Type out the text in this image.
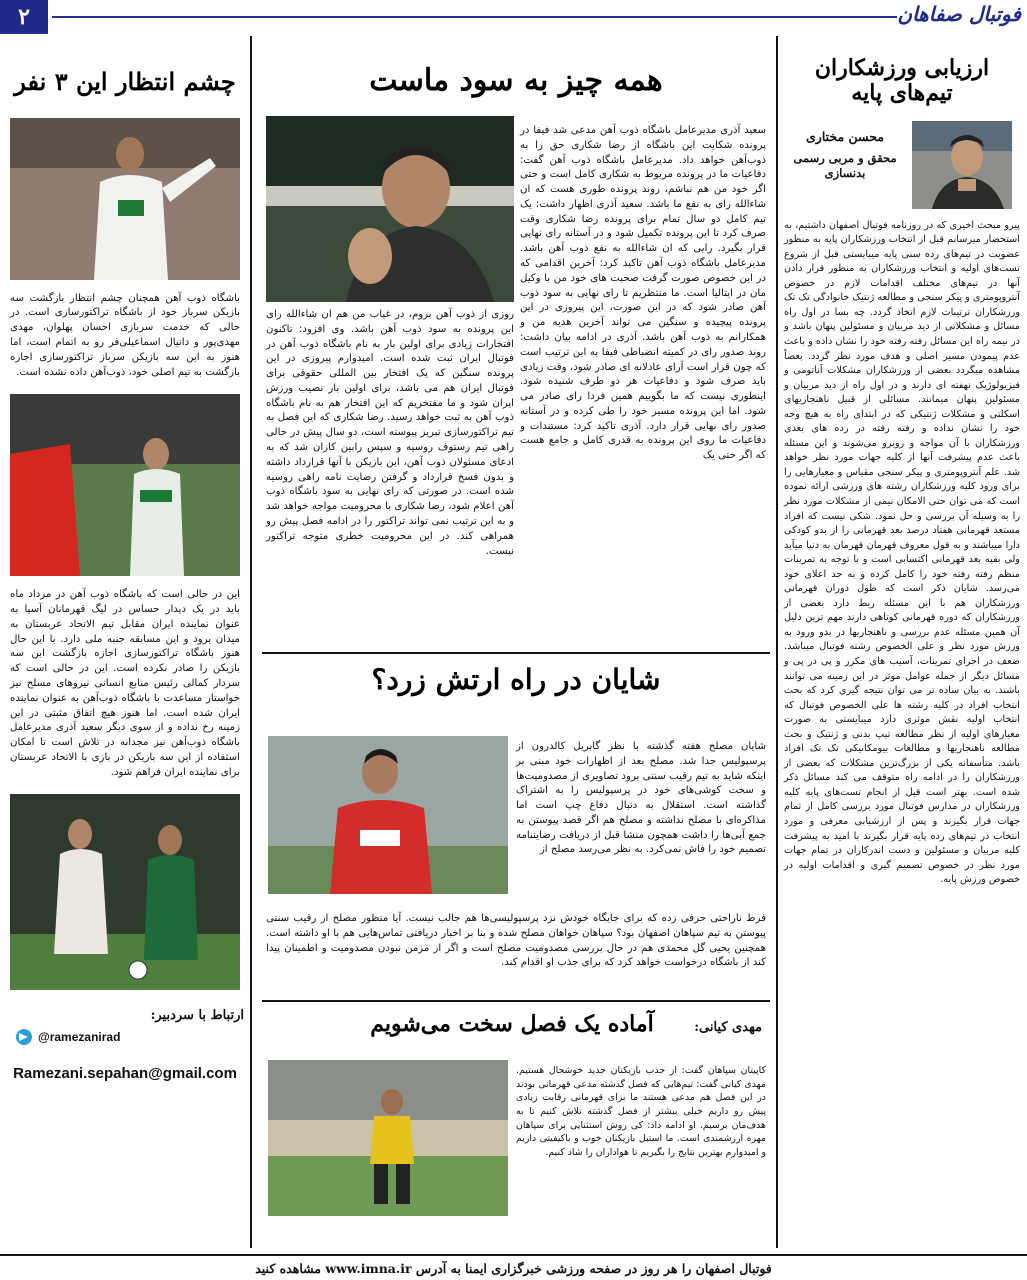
۲	فوتبال صفاهان
ارزیابی ورزشکاران تیم‌های پایه
محسن مختاری
محقق و مربی رسمی بدنسازی
پیرو مبحث اخیری که در روزنامه فوتبال اصفهان داشتیم، به استحضار میرسانم قبل از انتخاب ورزشکاران پایه به منظور عضویت در تیم‌های رده سنی پایه میبایستی قبل از شروع تست‌های اولیه و انتخاب ورزشکاران به منظور قرار دادن آنها در تیم‌های مختلف اقدامات لازم در خصوص آنتروپومتری و پیکر سنجی و مطالعه ژنتیک خانوادگی تک تک ورزشکاران ترتیبات لازم اتخاذ گردد. چه بسا در اول راه مسائل و مشکلاتی از دید مربیان و مسئولین پنهان باشد و در نیمه راه این مسائل رفته رفته خود را نشان داده و باعث عدم پیمودن مسیر اصلی و هدف مورد نظر گردد. بعضاً مشاهده میگردد بعضی از ورزشکاران مشکلات آناتومی و فیزیولوژیک نهفته ای دارند و در اول راه از دید مربیان و مسئولین پنهان میمانند. مسائلی از قبیل ناهنجاریهای اسکلتی و مشکلات ژنتیکی که در ابتدای راه به هیچ وجه خود را نشان نداده و رفته رفته در رده های بعدی ورزشکاران با آن مواجه و روبرو می‌شوند و این مسئله باعث عدم پیشرفت آنها از کلیه جهات مورد نظر خواهد شد. علم آنتروپومتری و پیکر سنجی مقیاس و معیارهایی را برای ورود کلیه ورزشکاران رشته های ورزشی ارائه نموده است که می توان حتی الامکان نیمی از مشکلات مورد نظر را به وسیله آن بررسی و حل نمود. شکی نیست که افراد مستعد قهرمانی هفتاد درصد بعد قهرمانی را از بدو کودکی دارا میباشند و به قول معروف قهرمان قهرمان به دنیا میآید ولی بقیه بعد قهرمانی اکتسابی است و با توجه به تمرینات منظم رفته رفته خود را کامل کرده و به حد اعلای خود می‌رسد. شایان ذکر است که طول دوران قهرمانی ورزشکاران هم با این مسئله ربط دارد بعضی از ورزشکاران که دوره قهرمانی کوتاهی دارند مهم ترین دلیل آن همین مسئله عدم بررسی و ناهنجاریها در بدو ورود به ورزش مورد نظر و علی الخصوص رشته فوتبال میباشد. ضعف در اجرای تمرینات، آسیب های مکرر و پی در پی و مسائل دیگر از جمله عوامل موثر در این زمینه می توانند باشند. به بیان ساده تر می توان نتیجه گیری کرد که بحث انتخاب افراد در کلیه رشته ها علی الخصوص فوتبال که انتخاب اولیه نقش موثری دارد میبایستی به صورت معیارهای اولیه از نظر مطالعه تیپ بدنی و ژنتیک و بحث مطالعه ناهنجاریها و مطالعات بیومکانیکی تک تک افراد باشد. متأسفانه یکی از بزرگ‌ترین مشکلات که بعضی از ورزشکاران را در ادامه راه متوقف می کند مسائل ذکر شده است. بهتر است قبل از انجام تست‌های پایه کلیه ورزشکاران در مدارس فوتبال مورد بررسی کامل از تمام جهات قرار بگیرند و پس از ارزشیابی معرفی و مورد انتخاب در تیم‌های رده پایه قرار بگیرند با امید به پیشرفت کلیه مربیان و مسئولین و دست اندرکاران در تمام جهات مورد نظر در خصوص تصمیم گیری و اقدامات اولیه در خصوص ورزش پایه.
همه چیز به سود ماست
سعید آذری مدیرعامل باشگاه ذوب آهن مدعی شد فیفا در پرونده شکایت این باشگاه از رضا شکاری حق را به ذوب‌آهن خواهد داد. مدیرعامل باشگاه ذوب آهن گفت: دفاعیات ما در پرونده مربوط به شکاری کامل است و حتی اگر خود من هم نباشم، روند پرونده طوری هست که ان شاءالله رای به نفع ما باشد. سعید آذری اظهار داشت: یک تیم کامل دو سال تمام برای پرونده رضا شکاری وقت صرف کرد تا این پرونده تکمیل شود و در آستانه رای نهایی قرار بگیرد. رایی که ان شاءالله به نفع ذوب آهن باشد. مدیرعامل باشگاه ذوب آهن تاکید کرد: آخرین اقدامی که در این خصوص صورت گرفت صحبت های خود من با وکیل مان در ایتالیا است. ما منتظریم تا رای نهایی به سود ذوب آهن صادر شود که در این صورت، این پیروزی در این پرونده پیچیده و سنگین می تواند آخرین هدیه من و همکارانم به ذوب آهن باشد. آذری در ادامه بیان داشت: روند صدور رای در کمیته انضباطی فیفا به این ترتیب است که چون قرار است آرای عادلانه ای صادر شود، وقت زیادی باید صرف شود و دفاعیات هر دو طرف شنیده شود. اینطوری نیست که ما بگوییم همین فردا رای صادر می شود. اما این پرونده مسیر خود را طی کرده و در آستانه صدور رای نهایی قرار دارد. آذری تاکید کرد: مستندات و دفاعیات ما روی این پرونده به قدری کامل و جامع هست که اگر حتی یک
روزی از ذوب آهن بروم، در غیاب من هم ان شاءالله رای این پرونده به سود ذوب آهن باشد. وی افزود: تاکنون افتخارات زیادی برای اولین بار به نام باشگاه ذوب آهن در فوتبال ایران ثبت شده است. امیدوارم پیروزی در این پرونده سنگین که یک افتخار بین المللی حقوقی برای فوتبال ایران هم می باشد، برای اولین بار نصیب ورزش ایران شود و ما مفتخریم که این افتخار هم به نام باشگاه ذوب آهن به ثبت خواهد رسید. رضا شکاری که این فصل به تیم تراکتورسازی تبریز پیوسته است، دو سال پیش در حالی راهی تیم رستوف روسیه و سپس رابین کازان شد که به ادعای مسئولان ذوب آهن، این بازیکن با آنها قرارداد داشته و بدون فسخ قرارداد و گرفتن رضایت نامه راهی روسیه شده است. در صورتی که رای نهایی به سود باشگاه ذوب آهن اعلام شود، رضا شکاری با محرومیت مواجه خواهد شد و به این ترتیب نمی تواند تراکتور را در ادامه فصل پیش رو همراهی کند. در این محرومیت خطری متوجه تراکتور نیست.
شایان در راه ارتش زرد؟
شایان مصلح هفته گذشته با نظر گابریل کالدرون از پرسپولیس جدا شد. مصلح بعد از اظهارات خود مبنی بر اینکه شاید به تیم رقیب سنتی برود تصاویری از مصدومیت‌ها و سخت کوشی‌های خود در پرسپولیس را به اشتراک گذاشته است. استقلال به دنبال دفاع چپ است اما مذاکره‌ای با مصلح نداشته و مصلح هم اگر قصد پیوستن به جمع آبی‌ها را داشت همچون منشا قبل از دریافت رضایتنامه تصمیم خود را فاش نمی‌کرد. به نظر می‌رسد مصلح از
فرط ناراحتی حرفی زده که برای جایگاه خودش نزد پرسپولیسی‌ها هم جالب نیست. آیا منظور مصلح از رقیب سنتی پیوستن به تیم سپاهان اصفهان بود؟ سپاهان خواهان مصلح شده و بنا بر اخبار دریافتی تماس‌هایی هم با او داشته است. همچنین یحیی گل محمدی هم در حال بررسی مصدومیت مصلح است و اگر از مزمن نبودن مصدومیت و اطمینان پیدا کند از باشگاه درخواست خواهد کرد که برای جذب او اقدام کند.
مهدی کیانی:
آماده یک فصل سخت می‌شویم
کاپیتان سپاهان گفت: از جذب بازیکنان جدید خوشحال هستیم. مهدی کیانی گفت: تیم‌هایی که فصل گذشته مدعی قهرمانی بودند در این فصل هم مدعی هستند ما برای قهرمانی رقابت زیادی پیش رو داریم خیلی بیشتر از فصل گذشته تلاش کنیم تا به هدف‌مان برسیم. او ادامه داد: کی روش استثنایی برای سپاهان مهره ارزشمندی است. ما استیل بازیکنان خوب و باکیفیتی داریم و امیدوارم بهترین نتایج را بگیریم تا هواداران را شاد کنیم.
چشم انتظار این ۳ نفر
باشگاه ذوب آهن همچنان چشم انتظار بازگشت سه بازیکن سرباز خود از باشگاه تراکتورسازی است. در حالی که خدمت سربازی احسان پهلوان، مهدی مهدی‌پور و دانیال اسماعیلی‌فر رو به اتمام است، اما هنوز به این سه بازیکن سرباز تراکتورسازی اجازه بازگشت به تیم اصلی خود، ذوب‌آهن داده نشده است.
این در حالی است که باشگاه ذوب آهن در مرداد ماه باید در یک دیدار حساس در لیگ قهرمانان آسیا به عنوان نماینده ایران مقابل تیم الاتحاد عربستان به میدان برود و این مسابقه جنبه ملی دارد. با این حال هنوز باشگاه تراکتورسازی اجازه بازگشت این سه بازیکن را صادر نکرده است. این در حالی است که سردار کمالی رئیس منابع انسانی نیروهای مسلح نیز خواستار مساعدت با باشگاه ذوب‌آهن به عنوان نماینده ایران شده است. اما هنوز هیچ اتفاق مثبتی در این زمینه رخ نداده و از سوی دیگر سعید آذری مدیرعامل باشگاه ذوب‌آهن نیز مجدانه در تلاش است تا امکان استفاده از این سه بازیکن در بازی با الاتحاد عربستان برای نماینده ایران فراهم شود.
ارتباط با سردبیر:
@ramezanirad
Ramezani.sepahan@gmail.com
فوتبال اصفهان را هر روز در صفحه ورزشی خبرگزاری ایمنا به آدرس www.imna.ir مشاهده کنید
